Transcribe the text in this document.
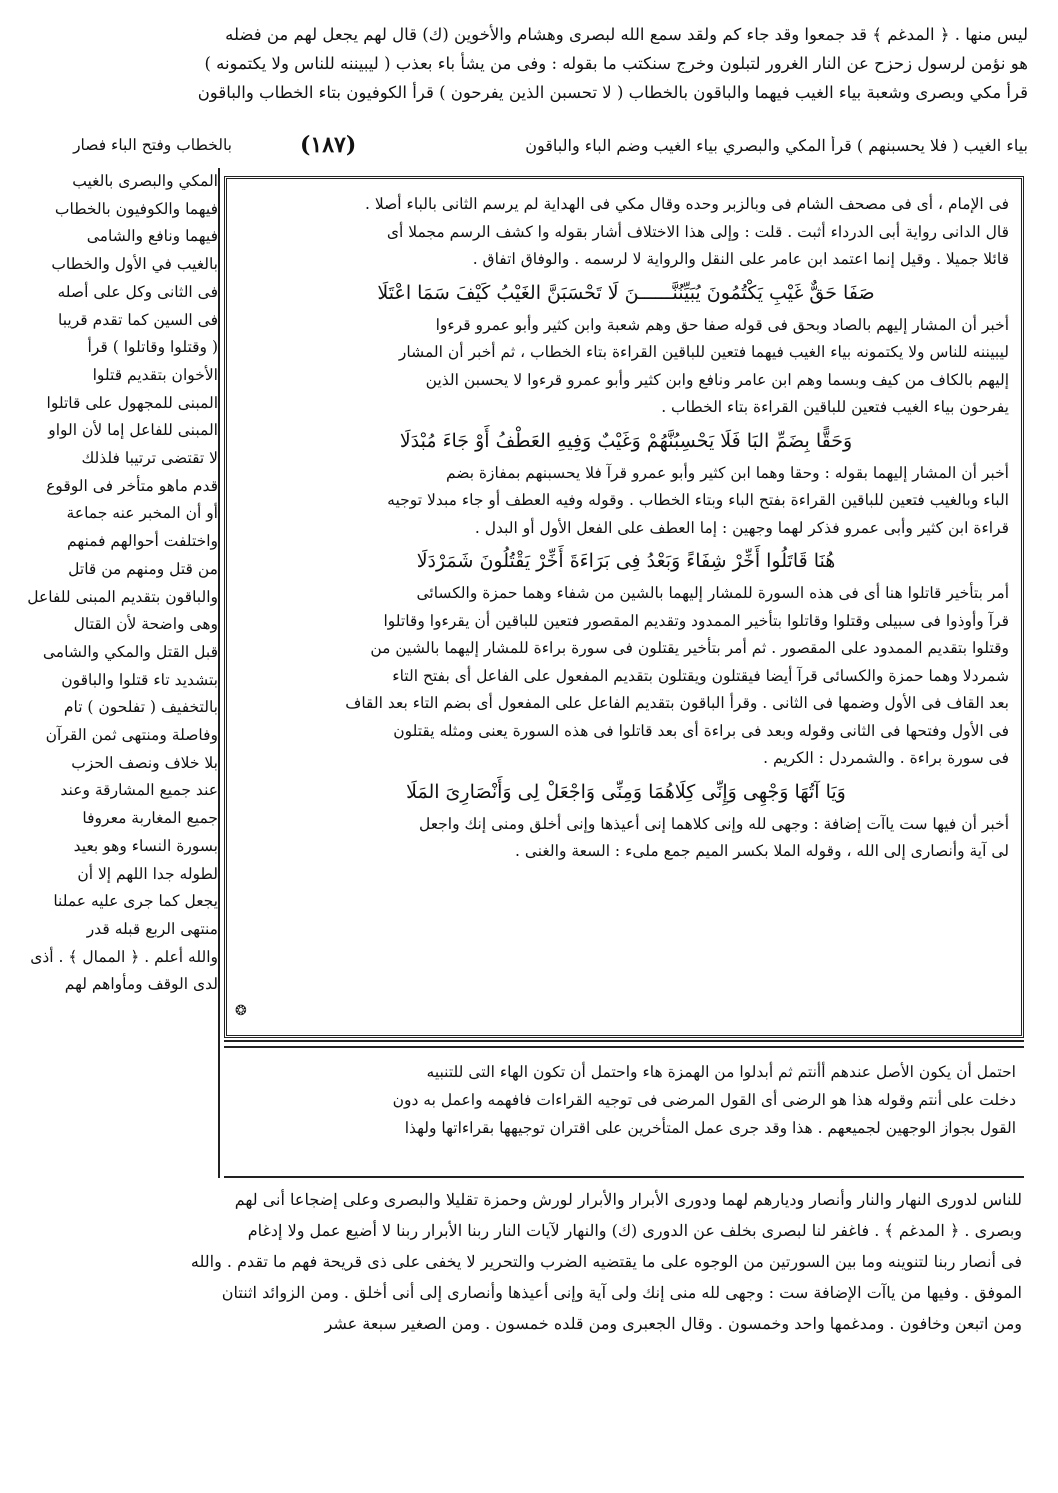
ليس منها . ﴿ المدغم ﴾ قد جمعوا وقد جاء كم ولقد سمع الله لبصرى وهشام والأخوين (ك) قال لهم يجعل لهم من فضله

هو نؤمن لرسول زحزح عن النار الغرور لتبلون وخرج سنكتب ما بقوله : وفى من يشأ باء بعذب ( ليبيننه للناس ولا يكتمونه )

قرأ مكي وبصرى وشعبة بياء الغيب فيهما والباقون بالخطاب ( لا تحسبن الذين يفرحون ) قرأ الكوفيون بتاء الخطاب والباقون

بالخطاب وفتح الباء فصار	(١٨٧)	بياء الغيب ( فلا يحسبنهم ) قرأ المكي والبصري بياء الغيب وضم الباء والباقون

المكي والبصرى بالغيب

فيهما والكوفيون بالخطاب

فيهما ونافع والشامى

بالغيب في الأول والخطاب

فى الثانى وكل على أصله

فى السين كما تقدم قريبا

( وقتلوا وقاتلوا ) قرأ

الأخوان بتقديم قتلوا

المبنى للمجهول على قاتلوا

المبنى للفاعل إما لأن الواو

لا تقتضى ترتيبا فلذلك

قدم ماهو متأخر فى الوقوع

أو أن المخبر عنه جماعة

واختلفت أحوالهم فمنهم

من قتل ومنهم من قاتل

والباقون بتقديم المبنى للفاعل

وهى واضحة لأن القتال

قبل القتل والمكي والشامى

بتشديد تاء قتلوا والباقون

بالتخفيف ( تفلحون ) تام

وفاصلة ومنتهى ثمن القرآن

بلا خلاف ونصف الحزب

عند جميع المشارقة وعند

جميع المغاربة معروفا

بسورة النساء وهو بعيد

لطوله جدا اللهم إلا أن

يجعل كما جرى عليه عملنا

منتهى الربع قبله قدر

والله أعلم . ﴿ الممال ﴾ . أذى

لدى الوقف ومأواهم لهم

فى الإمام ، أى فى مصحف الشام فى وبالزبر وحده وقال مكي فى الهداية لم يرسم الثانى بالباء أصلا .

قال الدانى رواية أبى الدرداء أثبت . قلت : وإلى هذا الاختلاف أشار بقوله وا كشف الرسم مجملا أى

قائلا جميلا . وقيل إنما اعتمد ابن عامر على النقل والرواية لا لرسمه . والوفاق اتفاق .

صَفَا حَقٌّ غَيْبِ يَكْتُمُونَ يُبَيِّنُنَّــــــنَ لَا تَحْسَبَنَّ الغَيْبُ كَيْفَ سَمَا اعْتَلَا

أخبر أن المشار إليهم بالصاد وبحق فى قوله صفا حق وهم شعبة وابن كثير وأبو عمرو قرءوا

ليبيننه للناس ولا يكتمونه بياء الغيب فيهما فتعين للباقين القراءة بتاء الخطاب ، ثم أخبر أن المشار

إليهم بالكاف من كيف وبسما وهم ابن عامر ونافع وابن كثير وأبو عمرو قرءوا لا يحسبن الذين

يفرحون بياء الغيب فتعين للباقين القراءة بتاء الخطاب .

وَحَقًّا بِضَمِّ البَا فَلَا يَحْسِبُنَّهُمْ وَغَيْبٌ وَفِيهِ العَطْفُ أَوْ جَاءَ مُبْدَلَا

أخبر أن المشار إليهما بقوله : وحقا وهما ابن كثير وأبو عمرو قرآ فلا يحسبنهم بمفازة بضم

الباء وبالغيب فتعين للباقين القراءة بفتح الباء وبتاء الخطاب . وقوله وفيه العطف أو جاء مبدلا توجيه

قراءة ابن كثير وأبى عمرو فذكر لهما وجهين : إما العطف على الفعل الأول أو البدل .

هُنَا قَاتَلُوا أَخِّرْ شِفَاءً وَبَعْدُ فِى بَرَاءَةَ أَخِّرْ يَقْتُلُونَ شَمَرْدَلَا

أمر بتأخير قاتلوا هنا أى فى هذه السورة للمشار إليهما بالشين من شفاء وهما حمزة والكسائى

قرآ وأوذوا فى سبيلى وقتلوا وقاتلوا بتأخير الممدود وتقديم المقصور فتعين للباقين أن يقرءوا وقاتلوا

وقتلوا بتقديم الممدود على المقصور . ثم أمر بتأخير يقتلون فى سورة براءة للمشار إليهما بالشين من

شمردلا وهما حمزة والكسائى قرآ أيضا فيقتلون ويقتلون بتقديم المفعول على الفاعل أى بفتح التاء

بعد القاف فى الأول وضمها فى الثانى . وقرأ الباقون بتقديم الفاعل على المفعول أى بضم التاء بعد القاف

فى الأول وفتحها فى الثانى وقوله وبعد فى براءة أى بعد قاتلوا فى هذه السورة يعنى ومثله يقتلون

فى سورة براءة . والشمردل : الكريم .

وَيَا آتُهَا وَجْهِى وَإِنِّى كِلَاهُمَا وَمِنِّى وَاجْعَلْ لِى وَأَنْصَارِىَ المَلَا

أخبر أن فيها ست ياآت إضافة : وجهى لله وإنى كلاهما إنى أعيذها وإنى أخلق ومنى إنك واجعل

لى آية وأنصارى إلى الله ، وقوله الملا بكسر الميم جمع ملىء : السعة والغنى .

❂

احتمل أن يكون الأصل عندهم أأنتم ثم أبدلوا من الهمزة هاء واحتمل أن تكون الهاء التى للتنبيه

دخلت على أنتم وقوله هذا هو الرضى أى القول المرضى فى توجيه القراءات فافهمه واعمل به دون

القول بجواز الوجهين لجميعهم . هذا وقد جرى عمل المتأخرين على اقتران توجيهها بقراءاتها ولهذا

للناس لدورى النهار والنار وأنصار وديارهم لهما ودورى الأبرار والأبرار لورش وحمزة تقليلا والبصرى وعلى إضجاعا أنى لهم

وبصرى . ﴿ المدغم ﴾ . فاغفر لنا لبصرى بخلف عن الدورى (ك) والنهار لآيات النار ربنا الأبرار ربنا لا أضيع عمل ولا إدغام

فى أنصار ربنا لتنوينه وما بين السورتين من الوجوه على ما يقتضيه الضرب والتحرير لا يخفى على ذى قريحة فهم ما تقدم . والله

الموفق . وفيها من ياآت الإضافة ست : وجهى لله منى إنك ولى آية وإنى أعيذها وأنصارى إلى أنى أخلق . ومن الزوائد اثنتان

ومن اتبعن وخافون . ومدغمها واحد وخمسون . وقال الجعبرى ومن قلده خمسون . ومن الصغير سبعة عشر
